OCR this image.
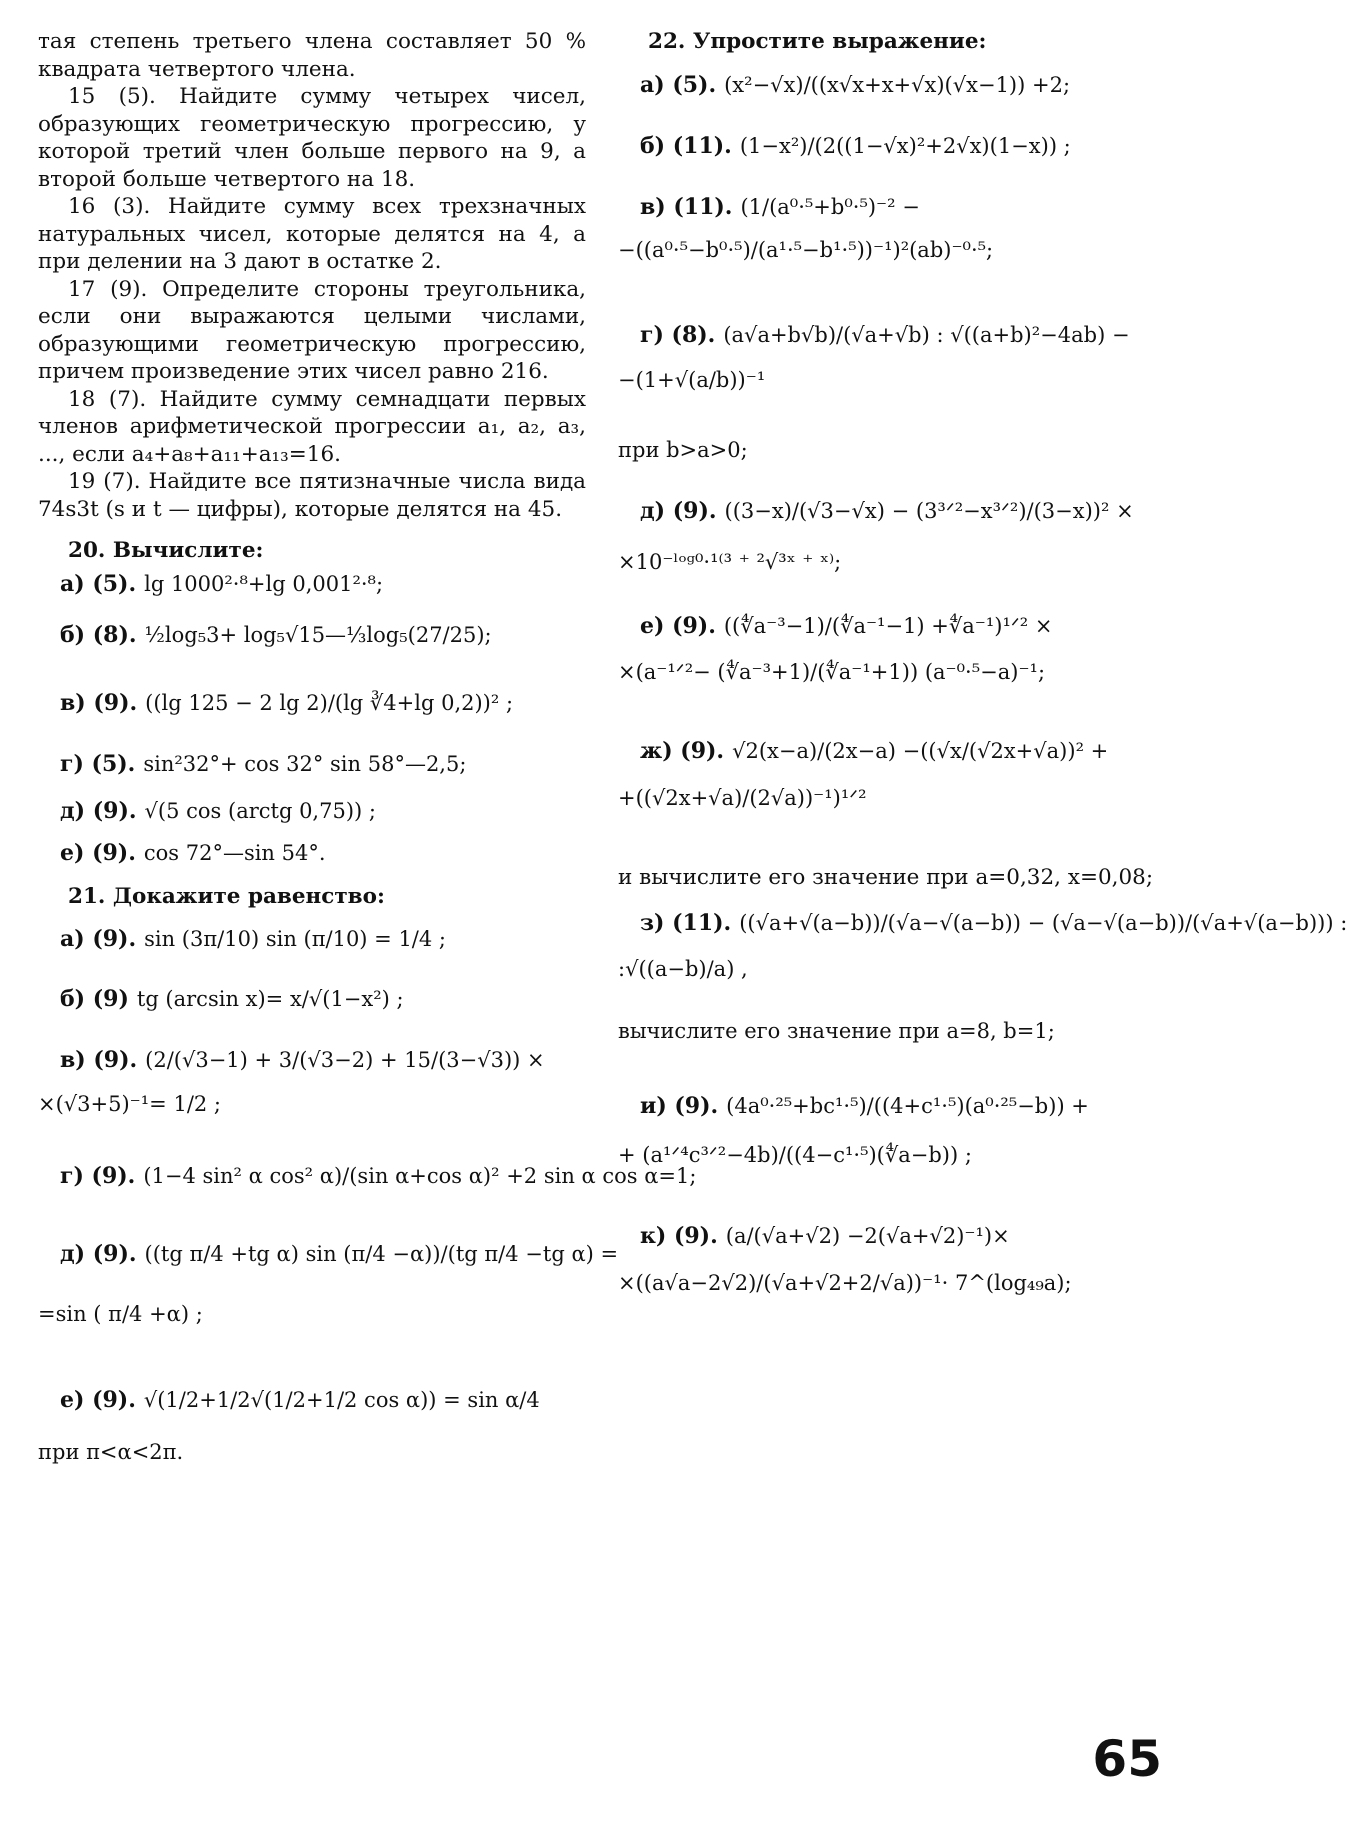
тая степень третьего члена составляет 50 % квадрата четвертого члена.

15 (5). Найдите сумму четырех чисел, образующих геометрическую прогрессию, у которой третий член больше первого на 9, а второй больше четвертого на 18.

16 (3). Найдите сумму всех трехзначных натуральных чисел, которые делятся на 4, а при делении на 3 дают в остатке 2.

17 (9). Определите стороны треугольника, если они выражаются целыми числами, образующими геометрическую прогрессию, причем произведение этих чисел равно 216.

18 (7). Найдите сумму семнадцати первых членов арифметической прогрессии a₁, a₂, a₃, ..., если a₄+a₈+a₁₁+a₁₃=16.

19 (7). Найдите все пятизначные числа вида 74s3t (s и t — цифры), которые делятся на 45.

20. Вычислите:

а) (5). lg 1000²·⁸+lg 0,001²·⁸;
б) (8). ½log₅3+ log₅√15—⅓log₅(27/25);
в) (9). ((lg 125 − 2 lg 2)/(lg ∛4+lg 0,2))² ;
г) (5). sin²32°+ cos 32° sin 58°—2,5;
д) (9). √(5 cos (arctg 0,75)) ;
е) (9). cos 72°—sin 54°.

21. Докажите равенство:

а) (9). sin (3π/10) sin (π/10) = 1/4 ;
б) (9) tg (arcsin x)= x/√(1−x²) ;
в) (9). (2/(√3−1) + 3/(√3−2) + 15/(3−√3)) ×
×(√3+5)⁻¹= 1/2 ;
г) (9). (1−4 sin² α cos² α)/(sin α+cos α)² +2 sin α cos α=1;
д) (9). ((tg π/4 +tg α) sin (π/4 −α))/(tg π/4 −tg α) =
=sin ( π/4 +α) ;
е) (9). √(1/2+1/2√(1/2+1/2 cos α)) = sin α/4
при π<α<2π.

22. Упростите выражение:

а) (5). (x²−√x)/((x√x+x+√x)(√x−1)) +2;
б) (11). (1−x²)/(2((1−√x)²+2√x)(1−x)) ;
в) (11). (1/(a⁰·⁵+b⁰·⁵)⁻² −
−((a⁰·⁵−b⁰·⁵)/(a¹·⁵−b¹·⁵))⁻¹)²(ab)⁻⁰·⁵;
г) (8). (a√a+b√b)/(√a+√b) : √((a+b)²−4ab) −
−(1+√(a/b))⁻¹
при b>a>0;
д) (9). ((3−x)/(√3−√x) − (3³ᐟ²−x³ᐟ²)/(3−x))² ×
×10⁻ˡᵒᵍ⁰·¹⁽³ ⁺ ²√³ˣ ⁺ ˣ⁾;
е) (9). ((∜a⁻³−1)/(∜a⁻¹−1) +∜a⁻¹)¹ᐟ² ×
×(a⁻¹ᐟ²− (∜a⁻³+1)/(∜a⁻¹+1)) (a⁻⁰·⁵−a)⁻¹;
ж) (9). √2(x−a)/(2x−a) −((√x/(√2x+√a))² +
+((√2x+√a)/(2√a))⁻¹)¹ᐟ²

и вычислите его значение при a=0,32, x=0,08;

з) (11). ((√a+√(a−b))/(√a−√(a−b)) − (√a−√(a−b))/(√a+√(a−b))) :
:√((a−b)/a) ,
вычислите его значение при a=8, b=1;
и) (9). (4a⁰·²⁵+bc¹·⁵)/((4+c¹·⁵)(a⁰·²⁵−b)) +
+ (a¹ᐟ⁴c³ᐟ²−4b)/((4−c¹·⁵)(∜a−b)) ;
к) (9). (a/(√a+√2) −2(√a+√2)⁻¹)×
×((a√a−2√2)/(√a+√2+2/√a))⁻¹· 7^(log₄₉a);
65
